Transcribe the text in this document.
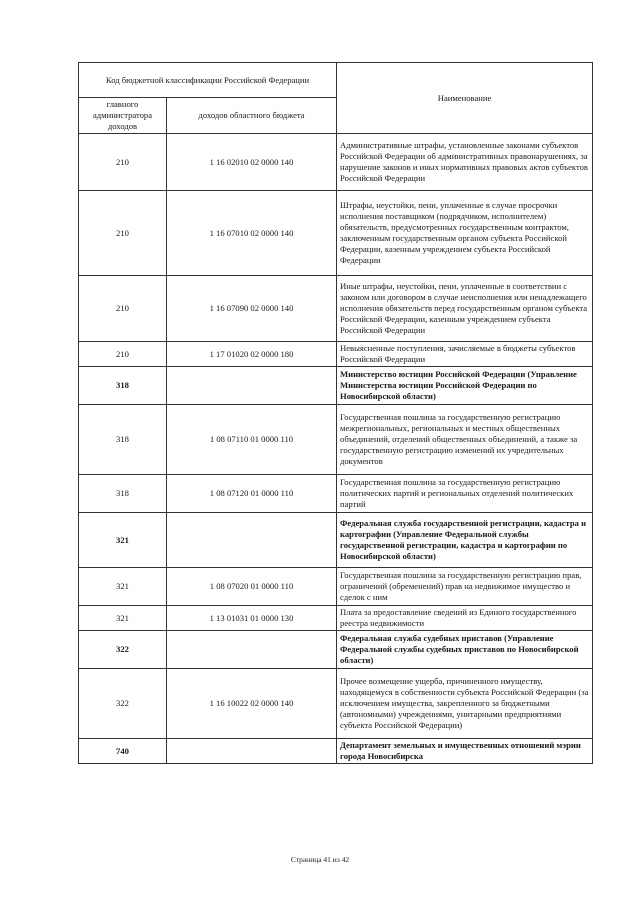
Код бюджетной классификации Российской Федерации		Наименование
главного администратора доходов	доходов областного бюджета	
210	1 16 02010 02 0000 140	Административные штрафы, установленные законами субъектов Российской Федерации об административных правонарушениях, за нарушение законов и иных нормативных правовых актов субъектов Российской Федерации
210	1 16 07010 02 0000 140	Штрафы, неустойки, пени, уплаченные в случае просрочки исполнения поставщиком (подрядчиком, исполнителем) обязательств, предусмотренных государственным контрактом, заключенным государственным органом субъекта Российской Федерации, казенным учреждением субъекта Российской Федерации
210	1 16 07090 02 0000 140	Иные штрафы, неустойки, пени, уплаченные в соответствии с законом или договором в случае неисполнения или ненадлежащего исполнения обязательств перед государственным органом субъекта Российской Федерации, казенным учреждением субъекта Российской Федерации
210	1 17 01020 02 0000 180	Невыясненные поступления, зачисляемые в бюджеты субъектов Российской Федерации
318		Министерство юстиции Российской Федерации (Управление Министерства юстиции Российской Федерации по Новосибирской области)
318	1 08 07110 01 0000 110	Государственная пошлина за государственную регистрацию межрегиональных, региональных и местных общественных объединений, отделений общественных объединений, а также за государственную регистрацию изменений их учредительных документов
318	1 08 07120 01 0000 110	Государственная пошлина за государственную регистрацию политических партий и региональных отделений политических партий
321		Федеральная служба государственной регистрации, кадастра и картографии (Управление Федеральной службы государственной регистрации, кадастра и картографии по Новосибирской области)
321	1 08 07020 01 0000 110	Государственная пошлина за государственную регистрацию прав, ограничений (обременений) прав на недвижимое имущество и сделок с ним
321	1 13 01031 01 0000 130	Плата за предоставление сведений из Единого государственного реестра недвижимости
322		Федеральная служба судебных приставов (Управление Федеральной службы судебных приставов по Новосибирской области)
322	1 16 10022 02 0000 140	Прочее возмещение ущерба, причиненного имуществу, находящемуся в собственности субъекта Российской Федерации (за исключением имущества, закрепленного за бюджетными (автономными) учреждениями, унитарными предприятиями субъекта Российской Федерации)
740		Департамент земельных и имущественных отношений мэрии города Новосибирска
Страница 41 из 42
